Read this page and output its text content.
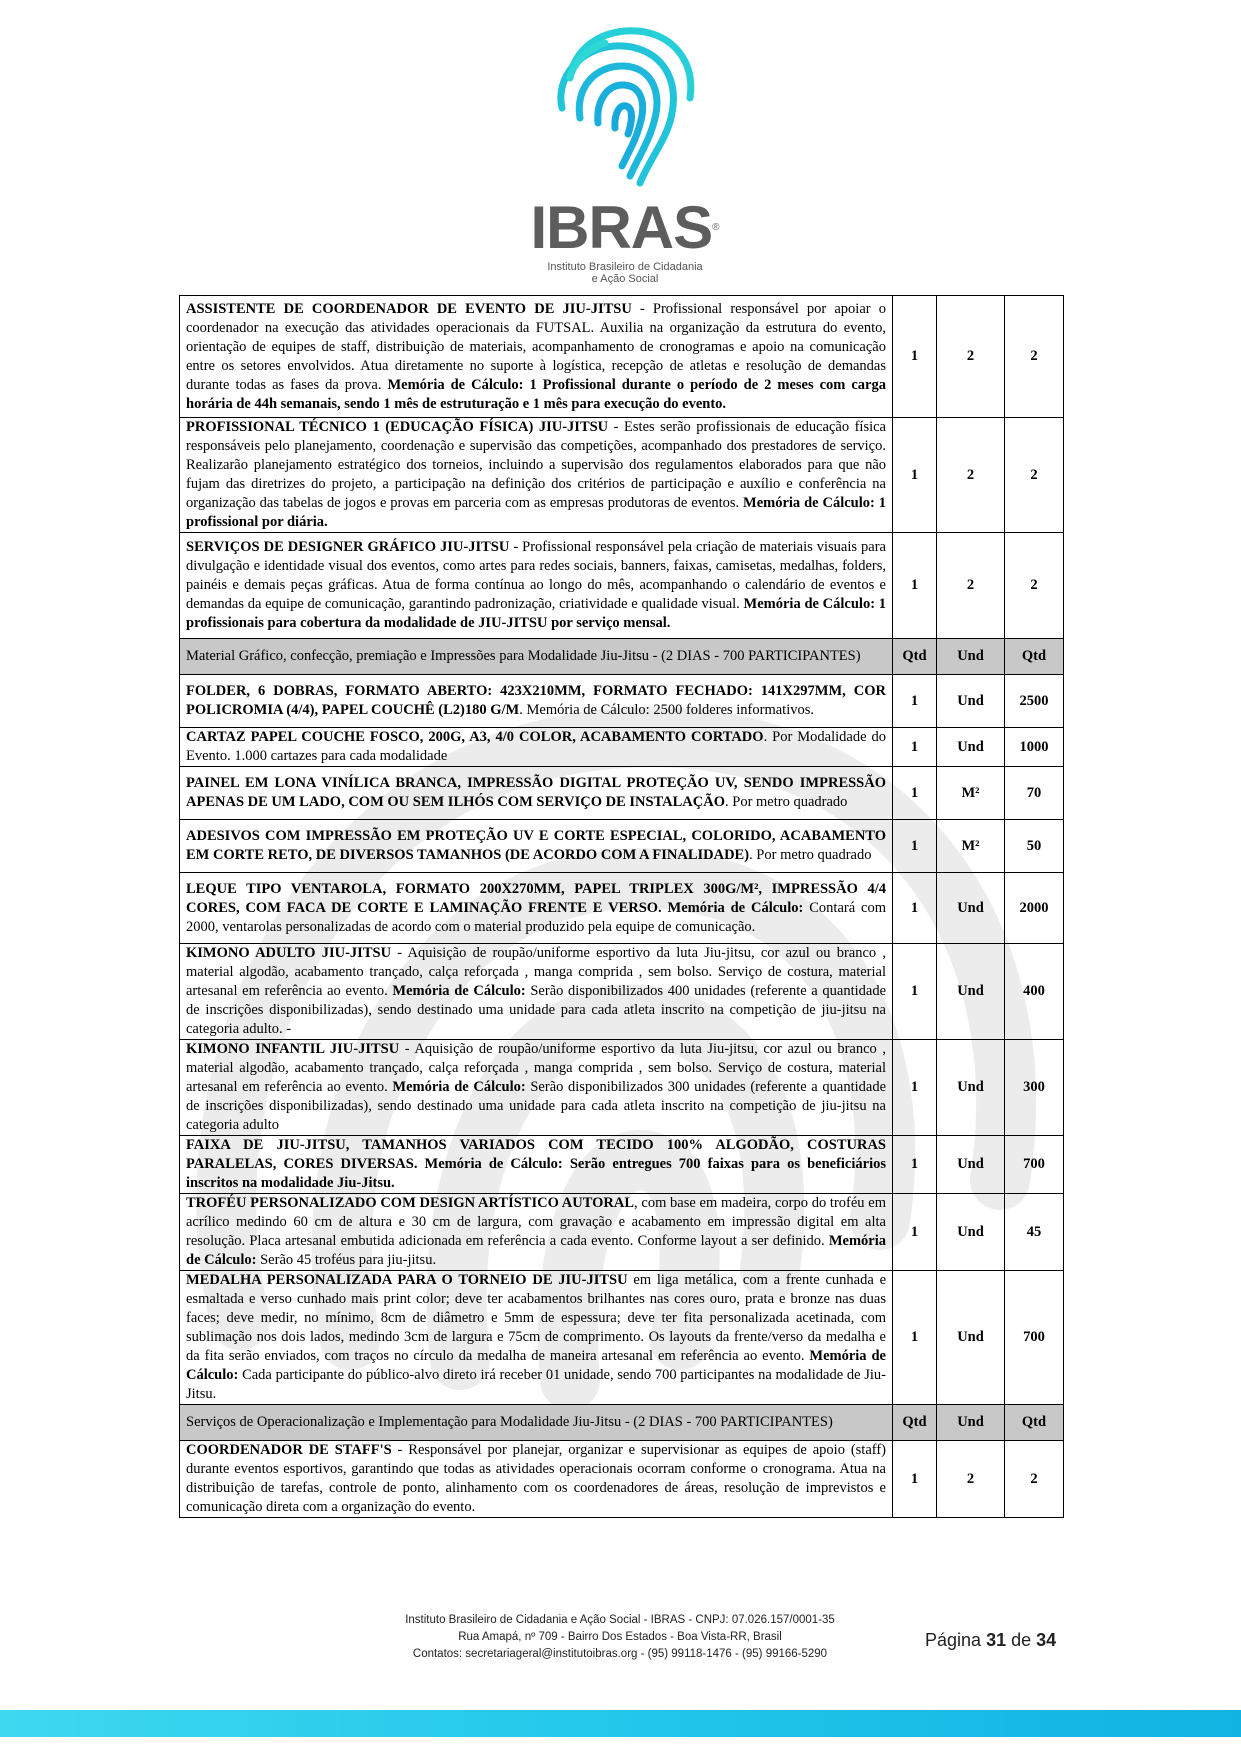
IBRAS®
Instituto Brasileiro de Cidadania
e Ação Social
ASSISTENTE DE COORDENADOR DE EVENTO DE JIU-JITSU - Profissional responsável por apoiar o coordenador na execução das atividades operacionais da FUTSAL. Auxilia na organização da estrutura do evento, orientação de equipes de staff, distribuição de materiais, acompanhamento de cronogramas e apoio na comunicação entre os setores envolvidos. Atua diretamente no suporte à logística, recepção de atletas e resolução de demandas durante todas as fases da prova. Memória de Cálculo: 1 Profissional durante o período de 2 meses com carga horária de 44h semanais, sendo 1 mês de estruturação e 1 mês para execução do evento.	1	2	2
PROFISSIONAL TÉCNICO 1 (EDUCAÇÃO FÍSICA) JIU-JITSU - Estes serão profissionais de educação física responsáveis pelo planejamento, coordenação e supervisão das competições, acompanhado dos prestadores de serviço. Realizarão planejamento estratégico dos torneios, incluindo a supervisão dos regulamentos elaborados para que não fujam das diretrizes do projeto, a participação na definição dos critérios de participação e auxílio e conferência na organização das tabelas de jogos e provas em parceria com as empresas produtoras de eventos. Memória de Cálculo: 1 profissional por diária.	1	2	2
SERVIÇOS DE DESIGNER GRÁFICO JIU-JITSU - Profissional responsável pela criação de materiais visuais para divulgação e identidade visual dos eventos, como artes para redes sociais, banners, faixas, camisetas, medalhas, folders, painéis e demais peças gráficas. Atua de forma contínua ao longo do mês, acompanhando o calendário de eventos e demandas da equipe de comunicação, garantindo padronização, criatividade e qualidade visual. Memória de Cálculo: 1 profissionais para cobertura da modalidade de JIU-JITSU por serviço mensal.	1	2	2
Material Gráfico, confecção, premiação e Impressões para Modalidade Jiu-Jitsu - (2 DIAS - 700 PARTICIPANTES)	Qtd	Und	Qtd
FOLDER, 6 DOBRAS, FORMATO ABERTO: 423X210MM, FORMATO FECHADO: 141X297MM, COR POLICROMIA (4/4), PAPEL COUCHÊ (L2)180 G/M. Memória de Cálculo: 2500 folderes informativos.	1	Und	2500
CARTAZ PAPEL COUCHE FOSCO, 200G, A3, 4/0 COLOR, ACABAMENTO CORTADO. Por Modalidade do Evento. 1.000 cartazes para cada modalidade	1	Und	1000
PAINEL EM LONA VINÍLICA BRANCA, IMPRESSÃO DIGITAL PROTEÇÃO UV, SENDO IMPRESSÃO APENAS DE UM LADO, COM OU SEM ILHÓS COM SERVIÇO DE INSTALAÇÃO. Por metro quadrado	1	M²	70
ADESIVOS COM IMPRESSÃO EM PROTEÇÃO UV E CORTE ESPECIAL, COLORIDO, ACABAMENTO EM CORTE RETO, DE DIVERSOS TAMANHOS (DE ACORDO COM A FINALIDADE). Por metro quadrado	1	M²	50
LEQUE TIPO VENTAROLA, FORMATO 200X270MM, PAPEL TRIPLEX 300G/M², IMPRESSÃO 4/4 CORES, COM FACA DE CORTE E LAMINAÇÃO FRENTE E VERSO. Memória de Cálculo: Contará com 2000, ventarolas personalizadas de acordo com o material produzido pela equipe de comunicação.	1	Und	2000
KIMONO ADULTO JIU-JITSU - Aquisição de roupão/uniforme esportivo da luta Jiu-jitsu, cor azul ou branco , material algodão, acabamento trançado, calça reforçada , manga comprida , sem bolso. Serviço de costura, material artesanal em referência ao evento. Memória de Cálculo: Serão disponibilizados 400 unidades (referente a quantidade de inscrições disponibilizadas), sendo destinado uma unidade para cada atleta inscrito na competição de jiu-jitsu na categoria adulto. -	1	Und	400
KIMONO INFANTIL JIU-JITSU - Aquisição de roupão/uniforme esportivo da luta Jiu-jitsu, cor azul ou branco , material algodão, acabamento trançado, calça reforçada , manga comprida , sem bolso. Serviço de costura, material artesanal em referência ao evento. Memória de Cálculo: Serão disponibilizados 300 unidades (referente a quantidade de inscrições disponibilizadas), sendo destinado uma unidade para cada atleta inscrito na competição de jiu-jitsu na categoria adulto	1	Und	300
FAIXA DE JIU-JITSU, TAMANHOS VARIADOS COM TECIDO 100% ALGODÃO, COSTURAS PARALELAS, CORES DIVERSAS. Memória de Cálculo: Serão entregues 700 faixas para os beneficiários inscritos na modalidade Jiu-Jitsu.	1	Und	700
TROFÉU PERSONALIZADO COM DESIGN ARTÍSTICO AUTORAL, com base em madeira, corpo do troféu em acrílico medindo 60 cm de altura e 30 cm de largura, com gravação e acabamento em impressão digital em alta resolução. Placa artesanal embutida adicionada em referência a cada evento. Conforme layout a ser definido. Memória de Cálculo: Serão 45 troféus para jiu-jitsu.	1	Und	45
MEDALHA PERSONALIZADA PARA O TORNEIO DE JIU-JITSU em liga metálica, com a frente cunhada e esmaltada e verso cunhado mais print color; deve ter acabamentos brilhantes nas cores ouro, prata e bronze nas duas faces; deve medir, no mínimo, 8cm de diâmetro e 5mm de espessura; deve ter fita personalizada acetinada, com sublimação nos dois lados, medindo 3cm de largura e 75cm de comprimento. Os layouts da frente/verso da medalha e da fita serão enviados, com traços no círculo da medalha de maneira artesanal em referência ao evento. Memória de Cálculo: Cada participante do público-alvo direto irá receber 01 unidade, sendo 700 participantes na modalidade de Jiu-Jitsu.	1	Und	700
Serviços de Operacionalização e Implementação para Modalidade Jiu-Jitsu - (2 DIAS - 700 PARTICIPANTES)	Qtd	Und	Qtd
COORDENADOR DE STAFF'S - Responsável por planejar, organizar e supervisionar as equipes de apoio (staff) durante eventos esportivos, garantindo que todas as atividades operacionais ocorram conforme o cronograma. Atua na distribuição de tarefas, controle de ponto, alinhamento com os coordenadores de áreas, resolução de imprevistos e comunicação direta com a organização do evento.	1	2	2
Instituto Brasileiro de Cidadania e Ação Social - IBRAS - CNPJ: 07.026.157/0001-35
Rua Amapá, nº 709 - Bairro Dos Estados - Boa Vista-RR, Brasil
Contatos: secretariageral@institutoibras.org - (95) 99118-1476 - (95) 99166-5290
Página 31 de 34
